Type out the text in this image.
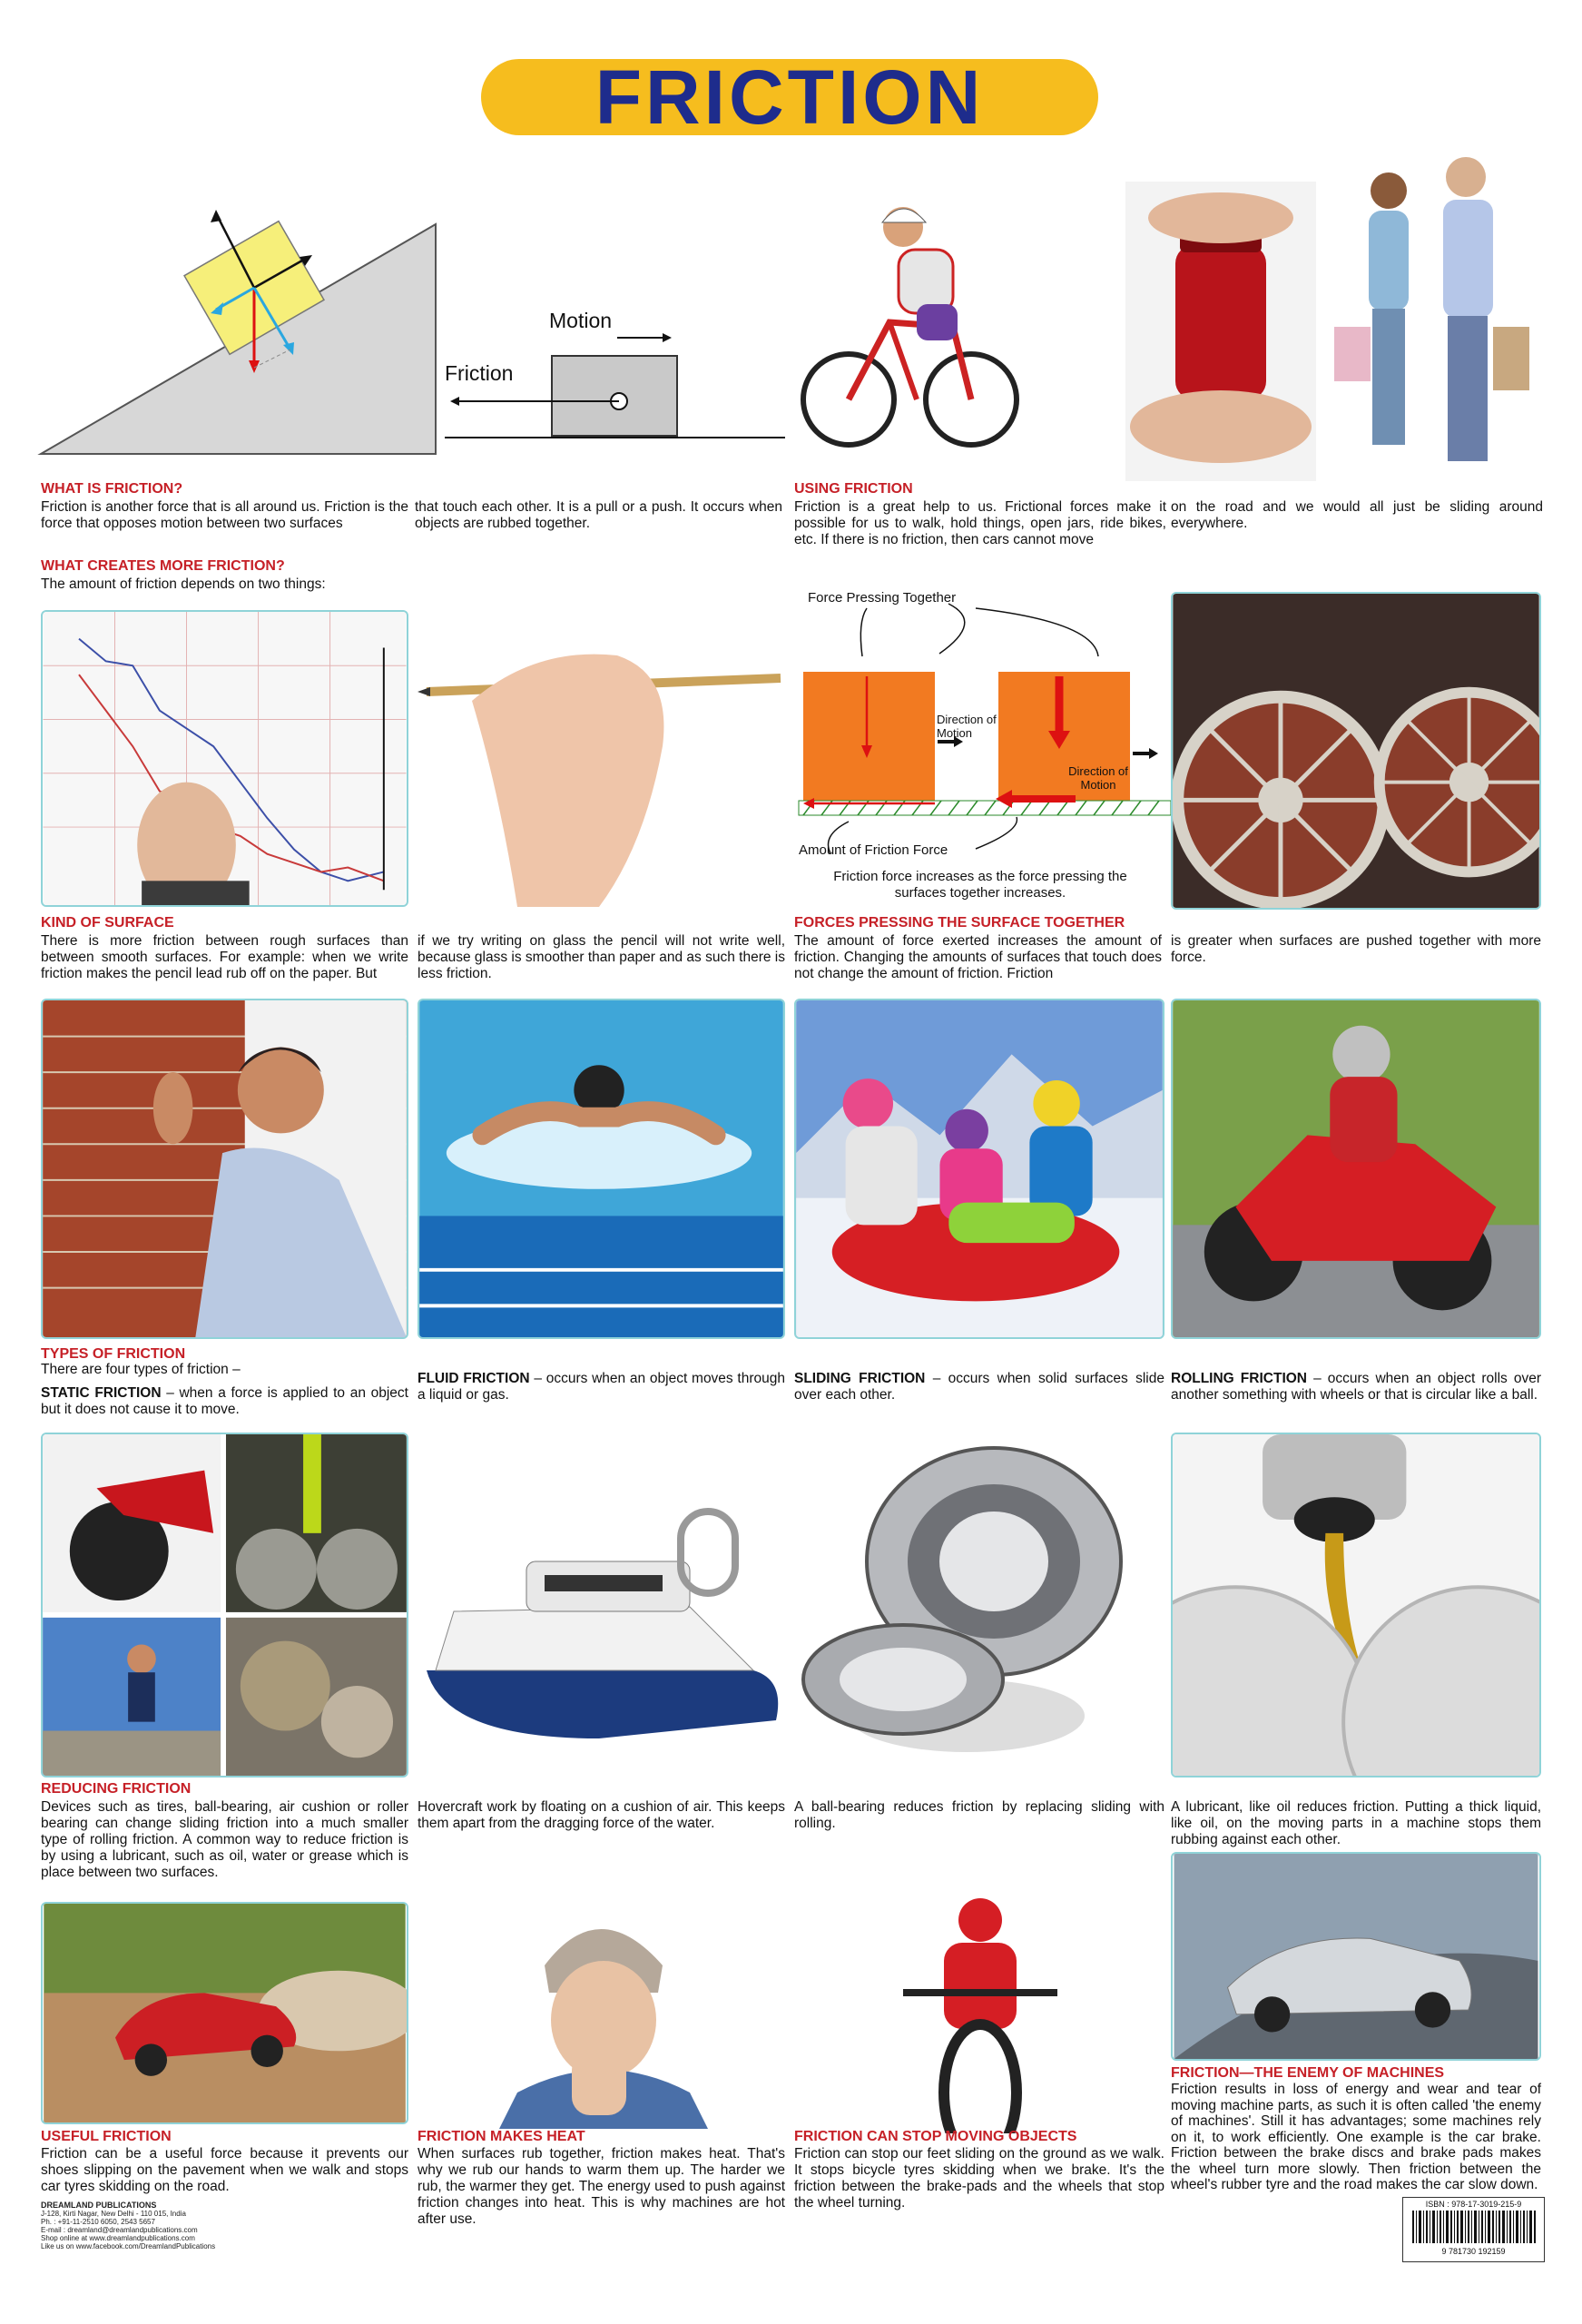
FRICTION
Motion
Friction
WHAT IS FRICTION?
Friction is another force that is all around us. Friction is the force that opposes motion between two surfaces
that touch each other. It is a pull or a push. It occurs when objects are rubbed together.
USING FRICTION
Friction is a great help to us. Frictional forces make it possible for us to walk, hold things, open jars, ride bikes, etc. If there is no friction, then cars cannot move
on the road and we would all just be sliding around everywhere.
WHAT CREATES MORE FRICTION?
The amount of friction depends on two things:
Force Pressing Together
Direction of Motion
Direction of Motion
Amount of Friction Force
Friction force increases as the force pressing the surfaces together increases.
KIND OF SURFACE
There is more friction between rough surfaces than between smooth surfaces. For example: when we write friction makes the pencil lead rub off on the paper. But
if we try writing on glass the pencil will not write well, because glass is smoother than paper and as such there is less friction.
FORCES PRESSING THE SURFACE TOGETHER
The amount of force exerted increases the amount of friction. Changing the amounts of surfaces that touch does not change the amount of friction. Friction
is greater when surfaces are pushed together with more force.
TYPES OF FRICTION
There are four types of friction –
STATIC FRICTION – when a force is applied to an object but it does not cause it to move.
FLUID FRICTION – occurs when an object moves through a liquid or gas.
SLIDING FRICTION – occurs when solid surfaces slide over each other.
ROLLING FRICTION – occurs when an object rolls over another something with wheels or that is circular like a ball.
REDUCING FRICTION
Devices such as tires, ball-bearing, air cushion or roller bearing can change sliding friction into a much smaller type of rolling friction. A common way to reduce friction is by using a lubricant, such as oil, water or grease which is place between two surfaces.
Hovercraft work by floating on a cushion of air. This keeps them apart from the dragging force of the water.
A ball-bearing reduces friction by replacing sliding with rolling.
A lubricant, like oil reduces friction. Putting a thick liquid, like oil, on the moving parts in a machine stops them rubbing against each other.
FRICTION—THE ENEMY OF MACHINES
Friction results in loss of energy and wear and tear of moving machine parts, as such it is often called 'the enemy of machines'. Still it has advantages; some machines rely on it, to work efficiently. One example is the car brake. Friction between the brake discs and brake pads makes the wheel turn more slowly. Then friction between the wheel's rubber tyre and the road makes the car slow down.
USEFUL FRICTION
Friction can be a useful force because it prevents our shoes slipping on the pavement when we walk and stops car tyres skidding on the road.
FRICTION MAKES HEAT
When surfaces rub together, friction makes heat. That's why we rub our hands to warm them up. The harder we rub, the warmer they get. The energy used to push against friction changes into heat. This is why machines are hot after use.
FRICTION CAN STOP MOVING OBJECTS
Friction can stop our feet sliding on the ground as we walk. It stops bicycle tyres skidding when we brake. It's the friction between the brake-pads and the wheels that stop the wheel turning.
DREAMLAND PUBLICATIONS
J-128, Kirti Nagar, New Delhi - 110 015, India
Ph. : +91-11-2510 6050, 2543 5657
E-mail : dreamland@dreamlandpublications.com
Shop online at www.dreamlandpublications.com
Like us on www.facebook.com/DreamlandPublications
ISBN : 978-17-3019-215-9
9 781730 192159
